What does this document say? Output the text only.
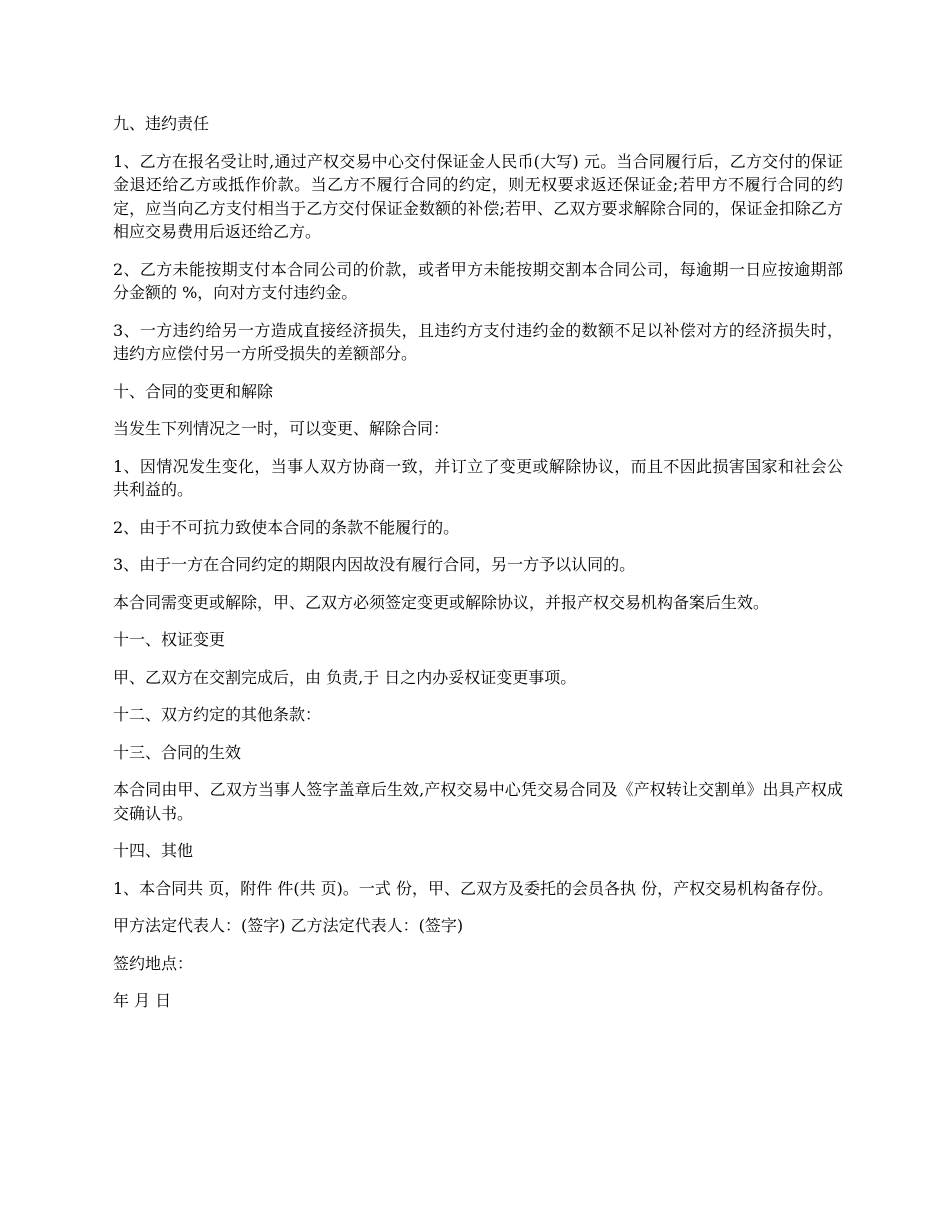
九、违约责任

1、乙方在报名受让时,通过产权交易中心交付保证金人民币(大写) 元。当合同履行后，乙方交付的保证金退还给乙方或抵作价款。当乙方不履行合同的约定，则无权要求返还保证金;若甲方不履行合同的约定，应当向乙方支付相当于乙方交付保证金数额的补偿;若甲、乙双方要求解除合同的，保证金扣除乙方相应交易费用后返还给乙方。

2、乙方未能按期支付本合同公司的价款，或者甲方未能按期交割本合同公司，每逾期一日应按逾期部分金额的 %，向对方支付违约金。

3、一方违约给另一方造成直接经济损失，且违约方支付违约金的数额不足以补偿对方的经济损失时，违约方应偿付另一方所受损失的差额部分。

十、合同的变更和解除

当发生下列情况之一时，可以变更、解除合同：

1、因情况发生变化，当事人双方协商一致，并订立了变更或解除协议，而且不因此损害国家和社会公共利益的。

2、由于不可抗力致使本合同的条款不能履行的。

3、由于一方在合同约定的期限内因故没有履行合同，另一方予以认同的。

本合同需变更或解除，甲、乙双方必须签定变更或解除协议，并报产权交易机构备案后生效。

十一、权证变更

甲、乙双方在交割完成后，由 负责,于 日之内办妥权证变更事项。

十二、双方约定的其他条款：

十三、合同的生效

本合同由甲、乙双方当事人签字盖章后生效,产权交易中心凭交易合同及《产权转让交割单》出具产权成交确认书。

十四、其他

1、本合同共 页，附件 件(共 页)。一式 份，甲、乙双方及委托的会员各执 份，产权交易机构备存份。

甲方法定代表人：(签字) 乙方法定代表人：(签字)

签约地点：

年 月 日
